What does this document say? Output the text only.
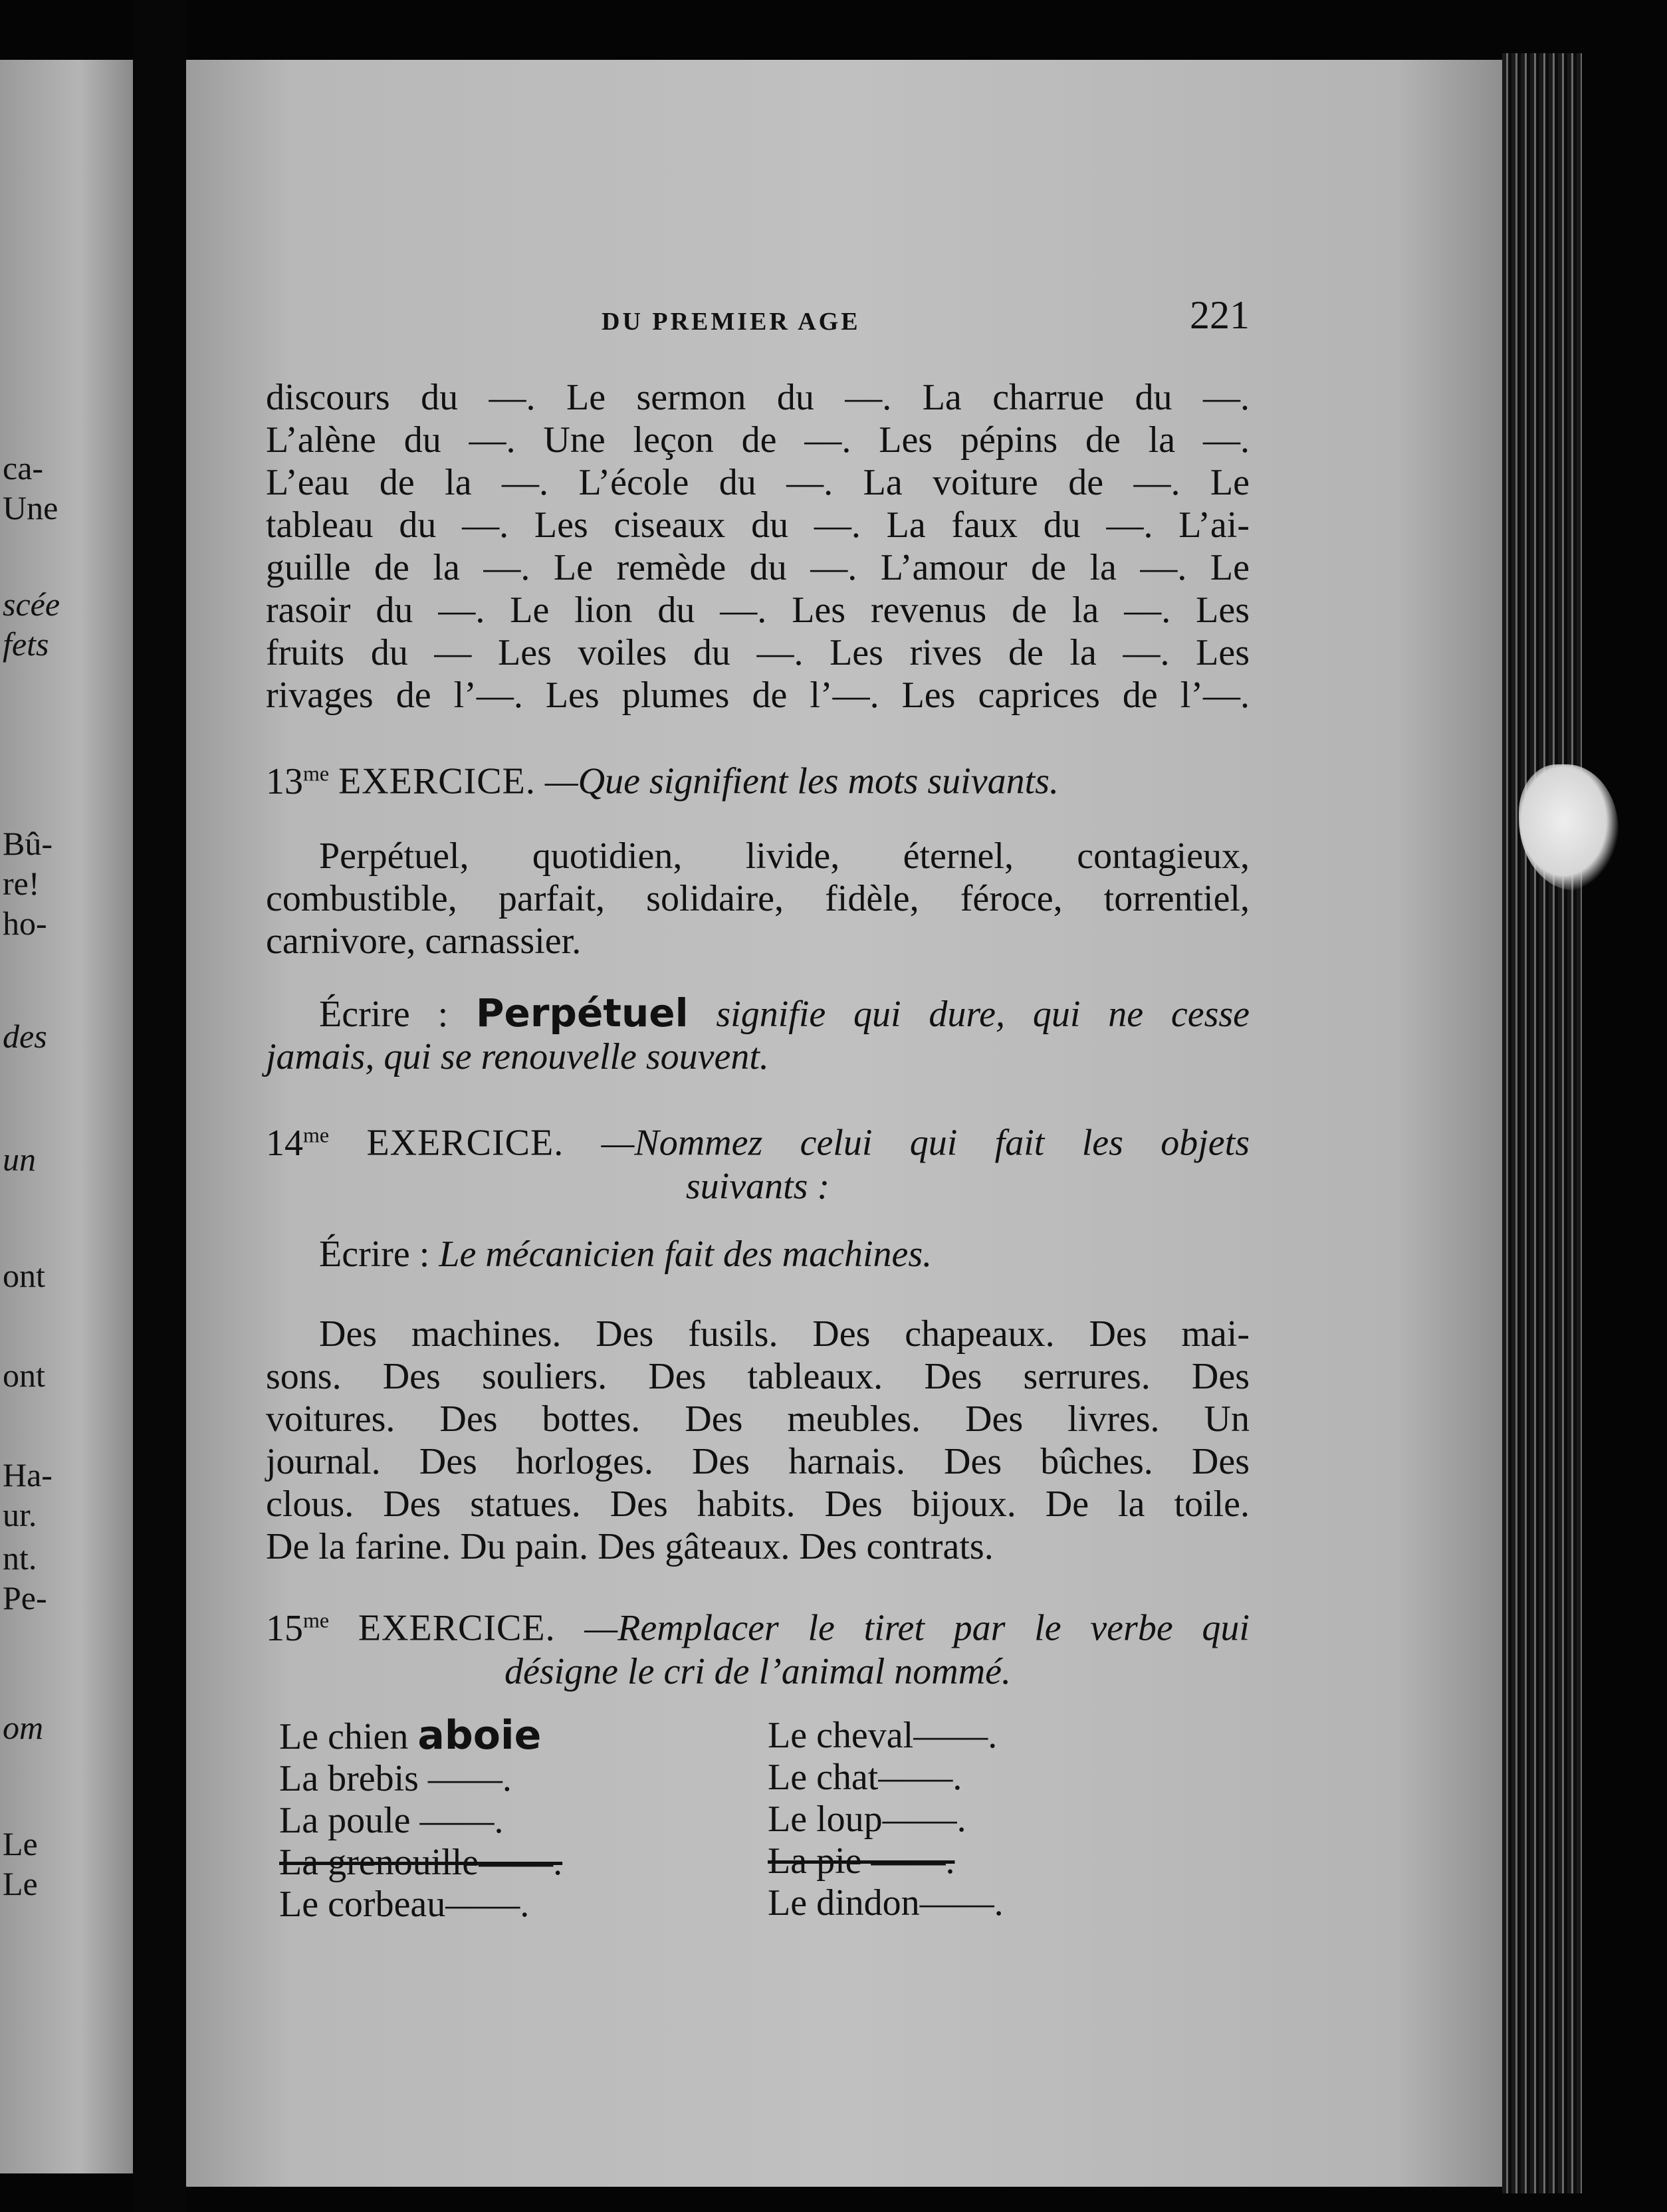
ca-
Une
scée
fets
Bû-
re!
ho-
des
un
ont
ont
Ha-
ur.
nt.
Pe-
om
Le
Le
DU PREMIER AGE	221
discours du —. Le sermon du —. La charrue du —.
L’alène du —. Une leçon de —. Les pépins de la —.
L’eau de la —. L’école du —. La voiture de —. Le
tableau du —. Les ciseaux du —. La faux du —. L’ai-
guille de la —. Le remède du —. L’amour de la —. Le
rasoir du —. Le lion du —. Les revenus de la —. Les
fruits du — Les voiles du —. Les rives de la —. Les
rivages de l’—. Les plumes de l’—. Les caprices de l’—.
$13^{me}$ EXERCICE. —Que signifient les mots suivants.
Perpétuel, quotidien, livide, éternel, contagieux,
combustible, parfait, solidaire, fidèle, féroce, torrentiel,
carnivore, carnassier.
Écrire : Perpétuel signifie qui dure, qui ne cesse
jamais, qui se renouvelle souvent.
$14^{me}$ EXERCICE. —Nommez celui qui fait les objets
suivants :
Écrire : Le mécanicien fait des machines.
Des machines. Des fusils. Des chapeaux. Des mai-
sons. Des souliers. Des tableaux. Des serrures. Des
voitures. Des bottes. Des meubles. Des livres. Un
journal. Des horloges. Des harnais. Des bûches. Des
clous. Des statues. Des habits. Des bijoux. De la toile.
De la farine. Du pain. Des gâteaux. Des contrats.
$15^{me}$ EXERCICE. —Remplacer le tiret par le verbe qui
désigne le cri de l’animal nommé.
Le chien aboie
La brebis ——.
La poule ——.
La grenouille——.
Le corbeau——.
Le cheval——.
Le chat——.
Le loup——.
La pie ——.
Le dindon——.
